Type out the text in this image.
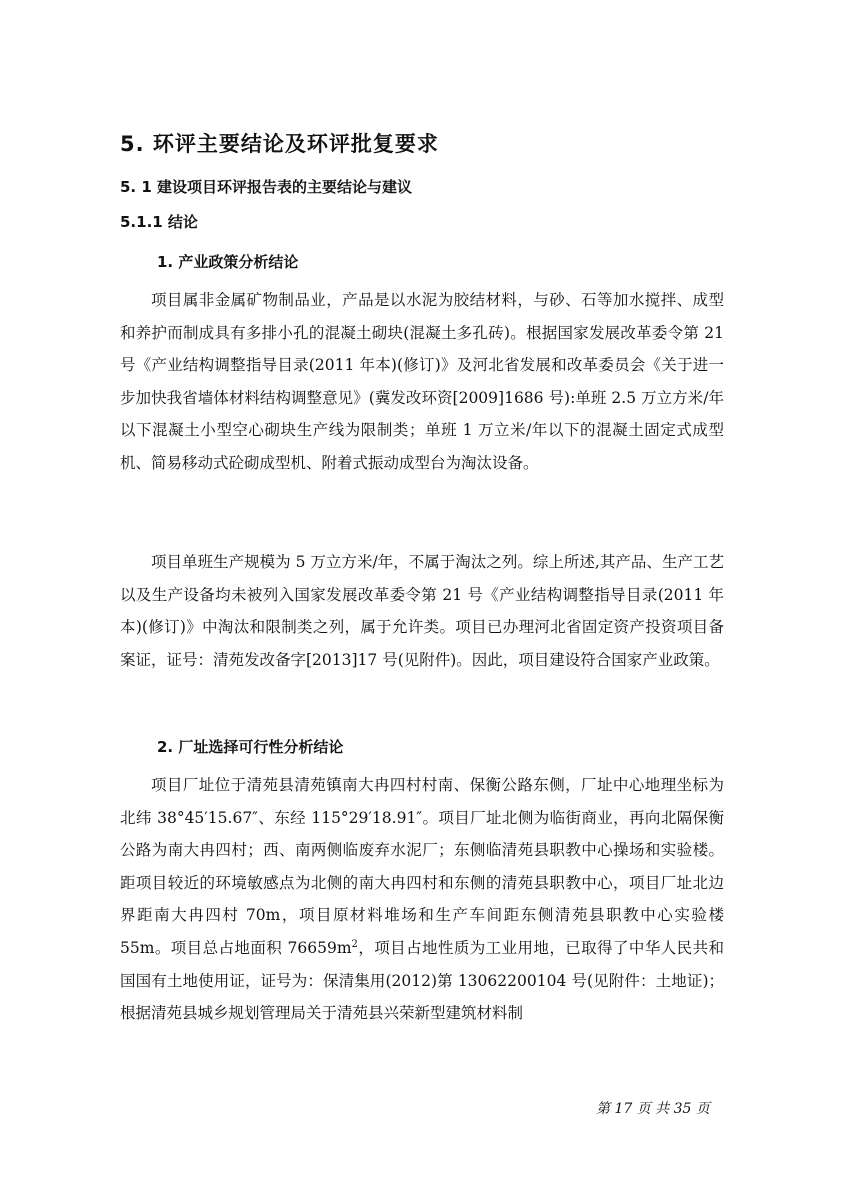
5. 环评主要结论及环评批复要求
5. 1 建设项目环评报告表的主要结论与建议
5.1.1 结论
1. 产业政策分析结论

项目属非金属矿物制品业，产品是以水泥为胶结材料，与砂、石等加水搅拌、成型和养护而制成具有多排小孔的混凝土砌块(混凝土多孔砖)。根据国家发展改革委令第 21 号《产业结构调整指导目录(2011 年本)(修订)》及河北省发展和改革委员会《关于进一步加快我省墙体材料结构调整意见》(冀发改环资[2009]1686 号):单班 2.5 万立方米/年以下混凝土小型空心砌块生产线为限制类；单班 1 万立米/年以下的混凝土固定式成型机、简易移动式砼砌成型机、附着式振动成型台为淘汰设备。

项目单班生产规模为 5 万立方米/年，不属于淘汰之列。综上所述,其产品、生产工艺以及生产设备均未被列入国家发展改革委令第 21 号《产业结构调整指导目录(2011 年本)(修订)》中淘汰和限制类之列，属于允许类。项目已办理河北省固定资产投资项目备案证，证号：清苑发改备字[2013]17 号(见附件)。因此，项目建设符合国家产业政策。

2. 厂址选择可行性分析结论

项目厂址位于清苑县清苑镇南大冉四村村南、保衡公路东侧，厂址中心地理坐标为北纬 38°45′15.67″、东经 115°29′18.91″。项目厂址北侧为临街商业，再向北隔保衡公路为南大冉四村；西、南两侧临废弃水泥厂；东侧临清苑县职教中心操场和实验楼。距项目较近的环境敏感点为北侧的南大冉四村和东侧的清苑县职教中心，项目厂址北边界距南大冉四村 70m，项目原材料堆场和生产车间距东侧清苑县职教中心实验楼 55m。项目总占地面积 $76659m^2$，项目占地性质为工业用地，已取得了中华人民共和国国有土地使用证，证号为：保清集用(2012)第 13062200104 号(见附件：土地证)；根据清苑县城乡规划管理局关于清苑县兴荣新型建筑材料制

第 17 页 共 35 页
